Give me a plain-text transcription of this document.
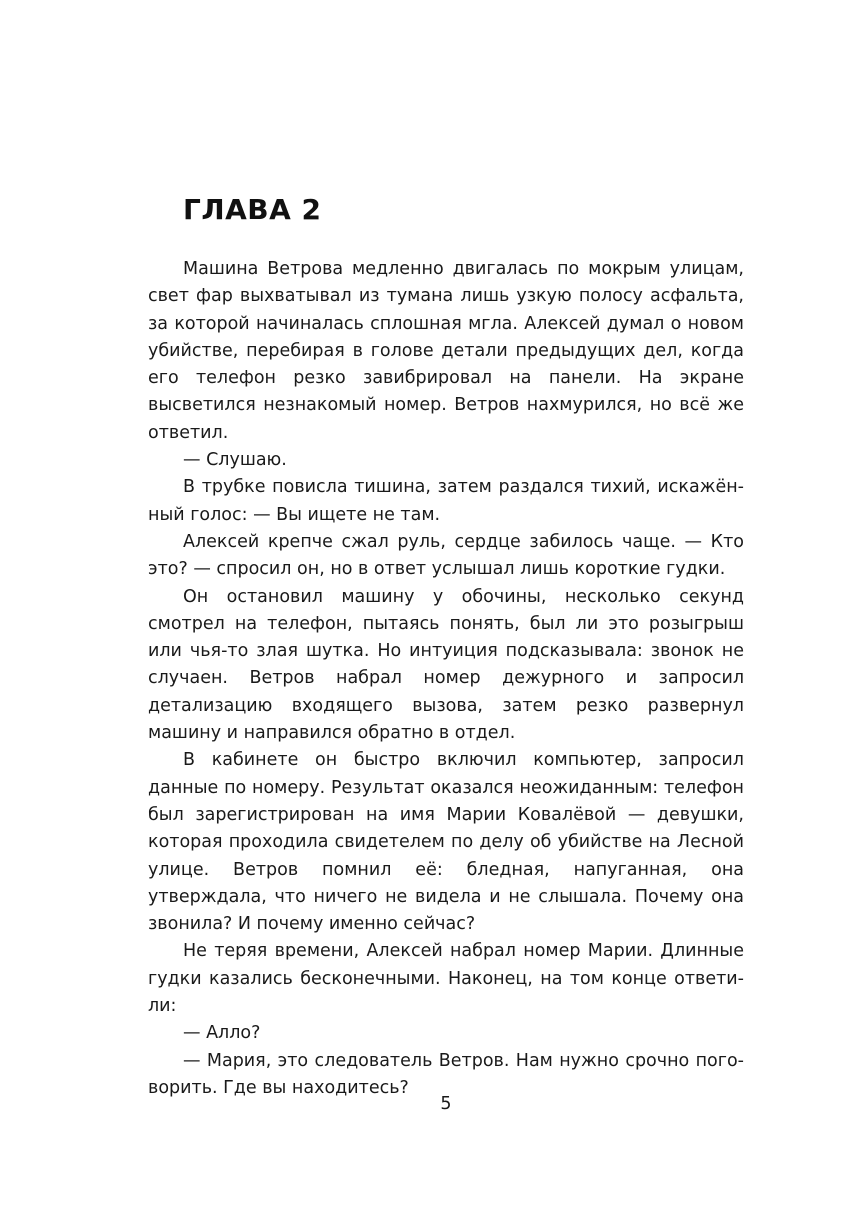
ГЛАВА 2

Машина Ветрова медленно двигалась по мокрым улицам, свет фар выхватывал из тумана лишь узкую полосу асфальта, за которой начиналась сплошная мгла. Алексей думал о новом убийстве, перебирая в голове детали предыдущих дел, когда его телефон резко завибрировал на панели. На экране высветился незнакомый номер. Ветров нахмурился, но всё же ответил.

— Слушаю.

В трубке повисла тишина, затем раздался тихий, искажённый голос: — Вы ищете не там.

Алексей крепче сжал руль, сердце забилось чаще. — Кто это? — спросил он, но в ответ услышал лишь короткие гудки.

Он остановил машину у обочины, несколько секунд смотрел на телефон, пытаясь понять, был ли это розыгрыш или чья-то злая шутка. Но интуиция подсказывала: звонок не случаен. Ветров набрал номер дежурного и запросил детализацию входящего вызова, затем резко развернул машину и направился обратно в отдел.

В кабинете он быстро включил компьютер, запросил данные по номеру. Результат оказался неожиданным: телефон был зарегистрирован на имя Марии Ковалёвой — девушки, которая проходила свидетелем по делу об убийстве на Лесной улице. Ветров помнил её: бледная, напуганная, она утверждала, что ничего не видела и не слышала. Почему она звонила? И почему именно сейчас?

Не теряя времени, Алексей набрал номер Марии. Длинные гудки казались бесконечными. Наконец, на том конце ответили:

— Алло?

— Мария, это следователь Ветров. Нам нужно срочно поговорить. Где вы находитесь?

5
